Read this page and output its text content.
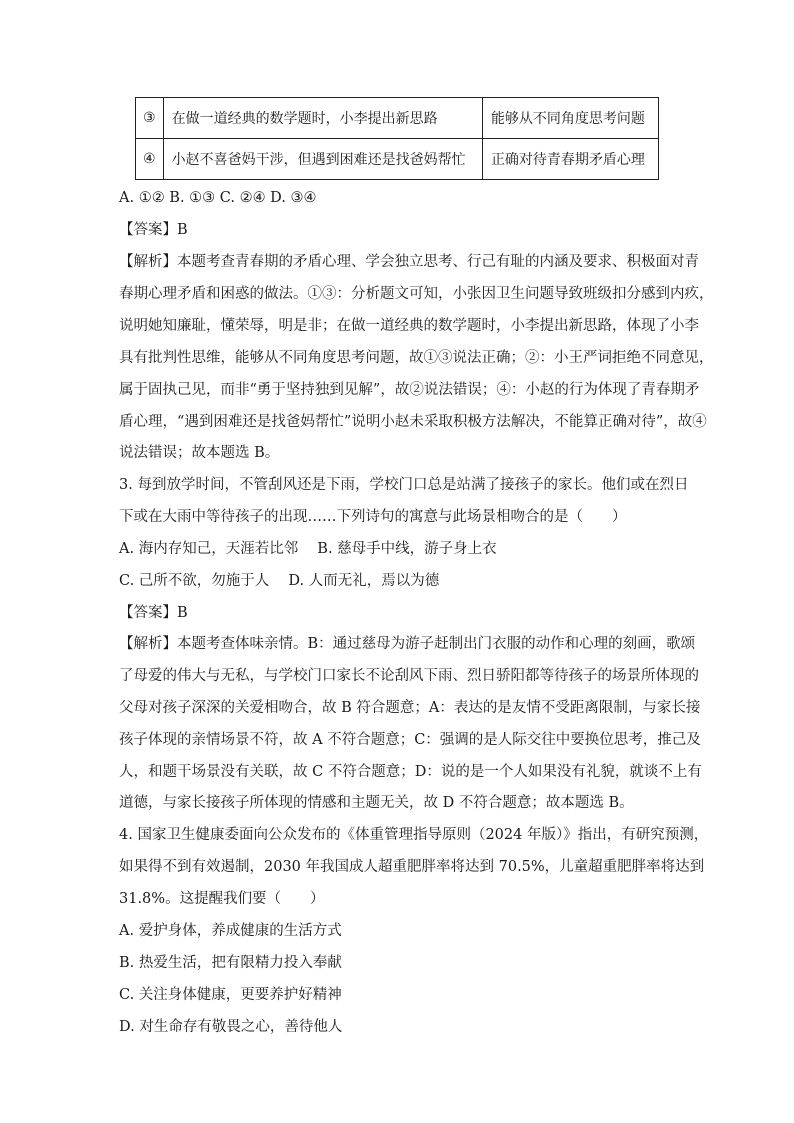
③	在做一道经典的数学题时，小李提出新思路	能够从不同角度思考问题
④	小赵不喜爸妈干涉，但遇到困难还是找爸妈帮忙	正确对待青春期矛盾心理
A. ①② B. ①③ C. ②④ D. ③④
【答案】B
【解析】本题考查青春期的矛盾心理、学会独立思考、行己有耻的内涵及要求、积极面对青
春期心理矛盾和困惑的做法。①③：分析题文可知，小张因卫生问题导致班级扣分感到内疚，
说明她知廉耻，懂荣辱，明是非；在做一道经典的数学题时，小李提出新思路，体现了小李
具有批判性思维，能够从不同角度思考问题，故①③说法正确；②：小王严词拒绝不同意见，
属于固执己见，而非“勇于坚持独到见解”，故②说法错误；④：小赵的行为体现了青春期矛
盾心理，“遇到困难还是找爸妈帮忙”说明小赵未采取积极方法解决，不能算正确对待”，故④
说法错误；故本题选 B。
3. 每到放学时间，不管刮风还是下雨，学校门口总是站满了接孩子的家长。他们或在烈日
下或在大雨中等待孩子的出现……下列诗句的寓意与此场景相吻合的是（　　）
A. 海内存知己，天涯若比邻　 B. 慈母手中线，游子身上衣
C. 己所不欲，勿施于人　 D. 人而无礼，焉以为德
【答案】B
【解析】本题考查体味亲情。B：通过慈母为游子赶制出门衣服的动作和心理的刻画，歌颂
了母爱的伟大与无私，与学校门口家长不论刮风下雨、烈日骄阳都等待孩子的场景所体现的
父母对孩子深深的关爱相吻合，故 B 符合题意；A：表达的是友情不受距离限制，与家长接
孩子体现的亲情场景不符，故 A 不符合题意；C：强调的是人际交往中要换位思考，推己及
人，和题干场景没有关联，故 C 不符合题意；D：说的是一个人如果没有礼貌，就谈不上有
道德，与家长接孩子所体现的情感和主题无关，故 D 不符合题意；故本题选 B。
4. 国家卫生健康委面向公众发布的《体重管理指导原则（2024 年版）》指出，有研究预测，
如果得不到有效遏制，2030 年我国成人超重肥胖率将达到 70.5%，儿童超重肥胖率将达到
31.8%。这提醒我们要（　　）
A. 爱护身体，养成健康的生活方式
B. 热爱生活，把有限精力投入奉献
C. 关注身体健康，更要养护好精神
D. 对生命存有敬畏之心，善待他人
